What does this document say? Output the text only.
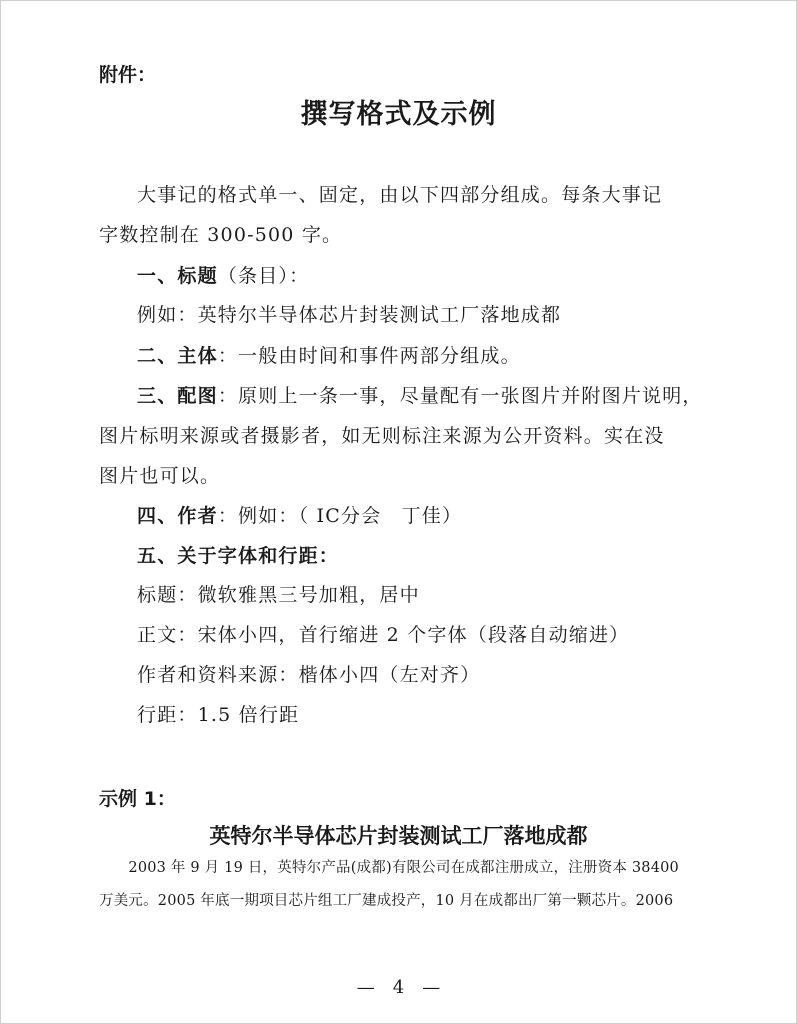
附件：
撰写格式及示例
大事记的格式单一、固定，由以下四部分组成。每条大事记
字数控制在 300-500 字。
一、标题（条目）：
例如：英特尔半导体芯片封装测试工厂落地成都
二、主体：一般由时间和事件两部分组成。
三、配图：原则上一条一事，尽量配有一张图片并附图片说明，
图片标明来源或者摄影者，如无则标注来源为公开资料。实在没
图片也可以。
四、作者：例如：（ IC分会　丁佳）
五、关于字体和行距：
标题：微软雅黑三号加粗，居中
正文：宋体小四，首行缩进 2 个字体（段落自动缩进）
作者和资料来源：楷体小四（左对齐）
行距：1.5 倍行距
示例 1：
英特尔半导体芯片封装测试工厂落地成都
　　2003 年 9 月 19 日，英特尔产品(成都)有限公司在成都注册成立，注册资本 38400
万美元。2005 年底一期项目芯片组工厂建成投产，10 月在成都出厂第一颗芯片。2006
—　4　—
